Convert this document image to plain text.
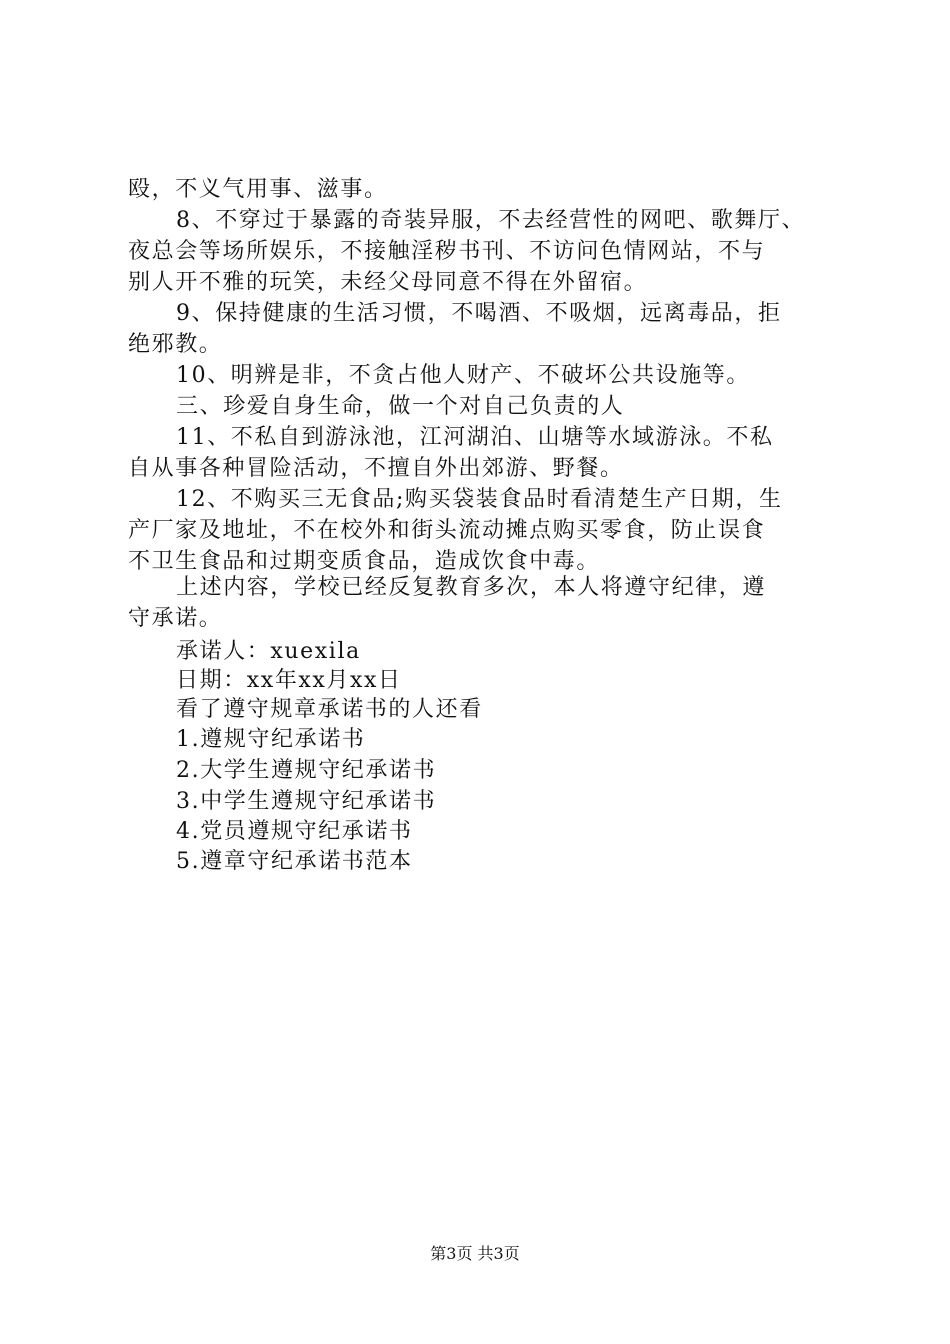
殴，不义气用事、滋事。
8、不穿过于暴露的奇装异服，不去经营性的网吧、歌舞厅、
夜总会等场所娱乐，不接触淫秽书刊、不访问色情网站，不与
别人开不雅的玩笑，未经父母同意不得在外留宿。
9、保持健康的生活习惯，不喝酒、不吸烟，远离毒品，拒
绝邪教。
10、明辨是非，不贪占他人财产、不破坏公共设施等。
三、珍爱自身生命，做一个对自己负责的人
11、不私自到游泳池，江河湖泊、山塘等水域游泳。不私
自从事各种冒险活动，不擅自外出郊游、野餐。
12、不购买三无食品;购买袋装食品时看清楚生产日期，生
产厂家及地址，不在校外和街头流动摊点购买零食，防止误食
不卫生食品和过期变质食品，造成饮食中毒。
上述内容，学校已经反复教育多次，本人将遵守纪律，遵
守承诺。
承诺人：xuexila
日期：xx年xx月xx日
看了遵守规章承诺书的人还看
1.遵规守纪承诺书
2.大学生遵规守纪承诺书
3.中学生遵规守纪承诺书
4.党员遵规守纪承诺书
5.遵章守纪承诺书范本
第3页 共3页
